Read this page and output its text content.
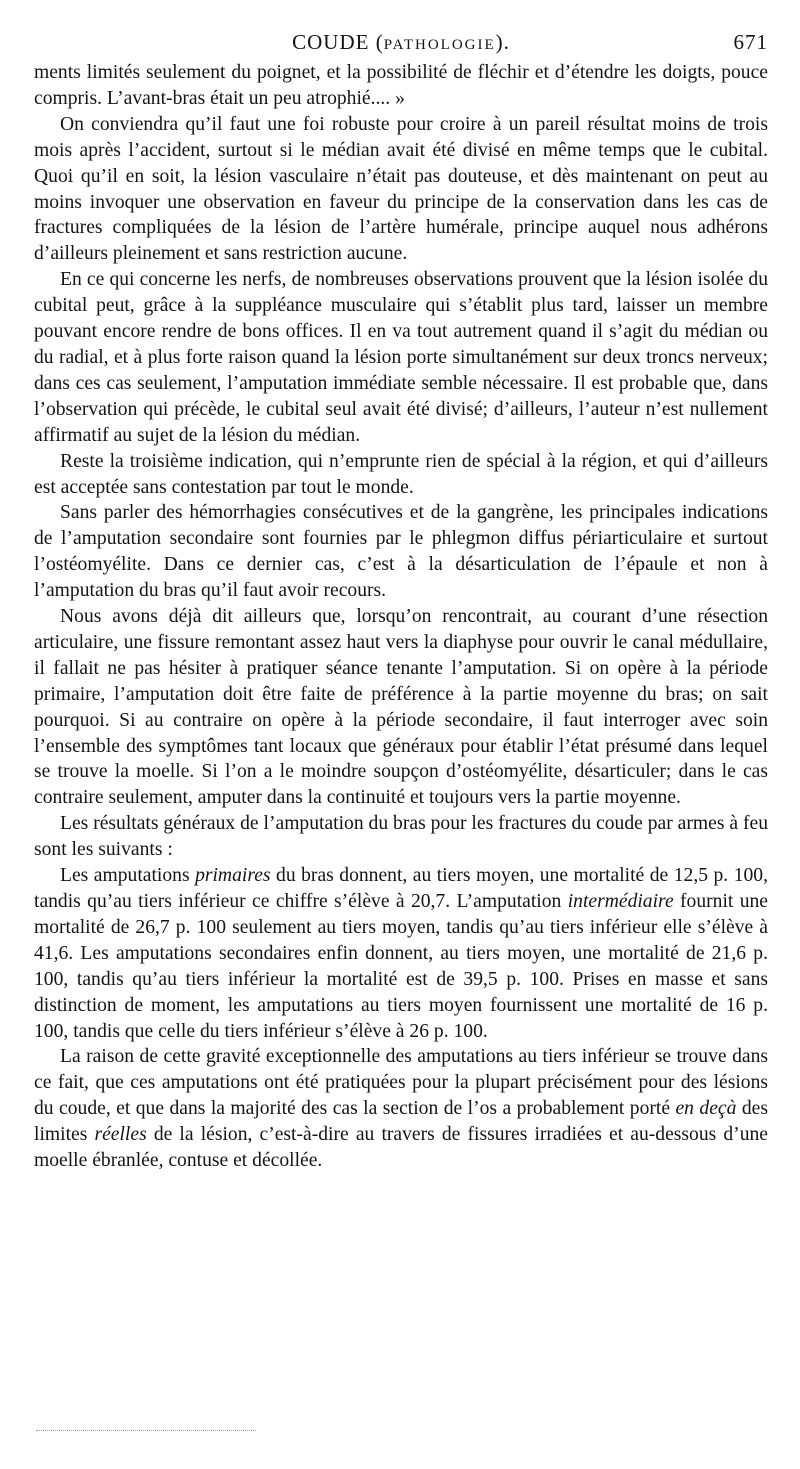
COUDE (PATHOLOGIE).	671

ments limités seulement du poignet, et la possibilité de fléchir et d’étendre les doigts, pouce compris. L’avant-bras était un peu atrophié.... »

On conviendra qu’il faut une foi robuste pour croire à un pareil résultat moins de trois mois après l’accident, surtout si le médian avait été divisé en même temps que le cubital. Quoi qu’il en soit, la lésion vasculaire n’était pas douteuse, et dès maintenant on peut au moins invoquer une observation en faveur du principe de la conservation dans les cas de fractures compliquées de la lésion de l’artère humérale, principe auquel nous adhérons d’ailleurs pleinement et sans restriction aucune.

En ce qui concerne les nerfs, de nombreuses observations prouvent que la lésion isolée du cubital peut, grâce à la suppléance musculaire qui s’établit plus tard, laisser un membre pouvant encore rendre de bons offices. Il en va tout autrement quand il s’agit du médian ou du radial, et à plus forte raison quand la lésion porte simultanément sur deux troncs nerveux; dans ces cas seulement, l’amputation immédiate semble nécessaire. Il est probable que, dans l’observation qui précède, le cubital seul avait été divisé; d’ailleurs, l’auteur n’est nullement affirmatif au sujet de la lésion du médian.

Reste la troisième indication, qui n’emprunte rien de spécial à la région, et qui d’ailleurs est acceptée sans contestation par tout le monde.

Sans parler des hémorrhagies consécutives et de la gangrène, les principales indications de l’amputation secondaire sont fournies par le phlegmon diffus périarticulaire et surtout l’ostéomyélite. Dans ce dernier cas, c’est à la désarticulation de l’épaule et non à l’amputation du bras qu’il faut avoir recours.

Nous avons déjà dit ailleurs que, lorsqu’on rencontrait, au courant d’une résection articulaire, une fissure remontant assez haut vers la diaphyse pour ouvrir le canal médullaire, il fallait ne pas hésiter à pratiquer séance tenante l’amputation. Si on opère à la période primaire, l’amputation doit être faite de préférence à la partie moyenne du bras; on sait pourquoi. Si au contraire on opère à la période secondaire, il faut interroger avec soin l’ensemble des symptômes tant locaux que généraux pour établir l’état présumé dans lequel se trouve la moelle. Si l’on a le moindre soupçon d’ostéomyélite, désarticuler; dans le cas contraire seulement, amputer dans la continuité et toujours vers la partie moyenne.

Les résultats généraux de l’amputation du bras pour les fractures du coude par armes à feu sont les suivants :

Les amputations primaires du bras donnent, au tiers moyen, une mortalité de 12,5 p. 100, tandis qu’au tiers inférieur ce chiffre s’élève à 20,7. L’amputation intermédiaire fournit une mortalité de 26,7 p. 100 seulement au tiers moyen, tandis qu’au tiers inférieur elle s’élève à 41,6. Les amputations secondaires enfin donnent, au tiers moyen, une mortalité de 21,6 p. 100, tandis qu’au tiers inférieur la mortalité est de 39,5 p. 100. Prises en masse et sans distinction de moment, les amputations au tiers moyen fournissent une mortalité de 16 p. 100, tandis que celle du tiers inférieur s’élève à 26 p. 100.

La raison de cette gravité exceptionnelle des amputations au tiers inférieur se trouve dans ce fait, que ces amputations ont été pratiquées pour la plupart précisément pour des lésions du coude, et que dans la majorité des cas la section de l’os a probablement porté en deçà des limites réelles de la lésion, c’est-à-dire au travers de fissures irradiées et au-dessous d’une moelle ébranlée, contuse et décollée.
